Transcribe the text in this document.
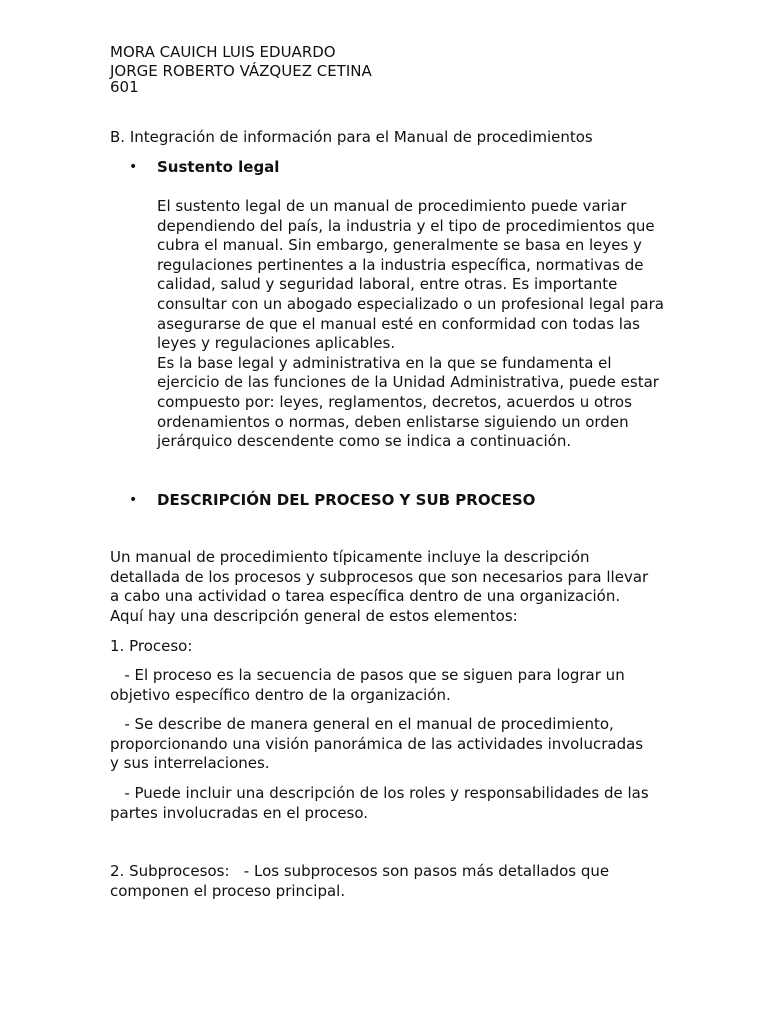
MORA CAUICH LUIS EDUARDO
JORGE ROBERTO VÁZQUEZ CETINA
601
B. Integración de información para el Manual de procedimientos
• Sustento legal

El sustento legal de un manual de procedimiento puede variar dependiendo del país, la industria y el tipo de procedimientos que cubra el manual. Sin embargo, generalmente se basa en leyes y regulaciones pertinentes a la industria específica, normativas de calidad, salud y seguridad laboral, entre otras. Es importante consultar con un abogado especializado o un profesional legal para asegurarse de que el manual esté en conformidad con todas las leyes y regulaciones aplicables.

Es la base legal y administrativa en la que se fundamenta el ejercicio de las funciones de la Unidad Administrativa, puede estar compuesto por: leyes, reglamentos, decretos, acuerdos u otros ordenamientos o normas, deben enlistarse siguiendo un orden jerárquico descendente como se indica a continuación.

• DESCRIPCIÓN DEL PROCESO Y SUB PROCESO

Un manual de procedimiento típicamente incluye la descripción detallada de los procesos y subprocesos que son necesarios para llevar a cabo una actividad o tarea específica dentro de una organización. Aquí hay una descripción general de estos elementos:

1. Proceso:

- El proceso es la secuencia de pasos que se siguen para lograr un objetivo específico dentro de la organización.

- Se describe de manera general en el manual de procedimiento, proporcionando una visión panorámica de las actividades involucradas y sus interrelaciones.

- Puede incluir una descripción de los roles y responsabilidades de las partes involucradas en el proceso.

2. Subprocesos:   - Los subprocesos son pasos más detallados que componen el proceso principal.
